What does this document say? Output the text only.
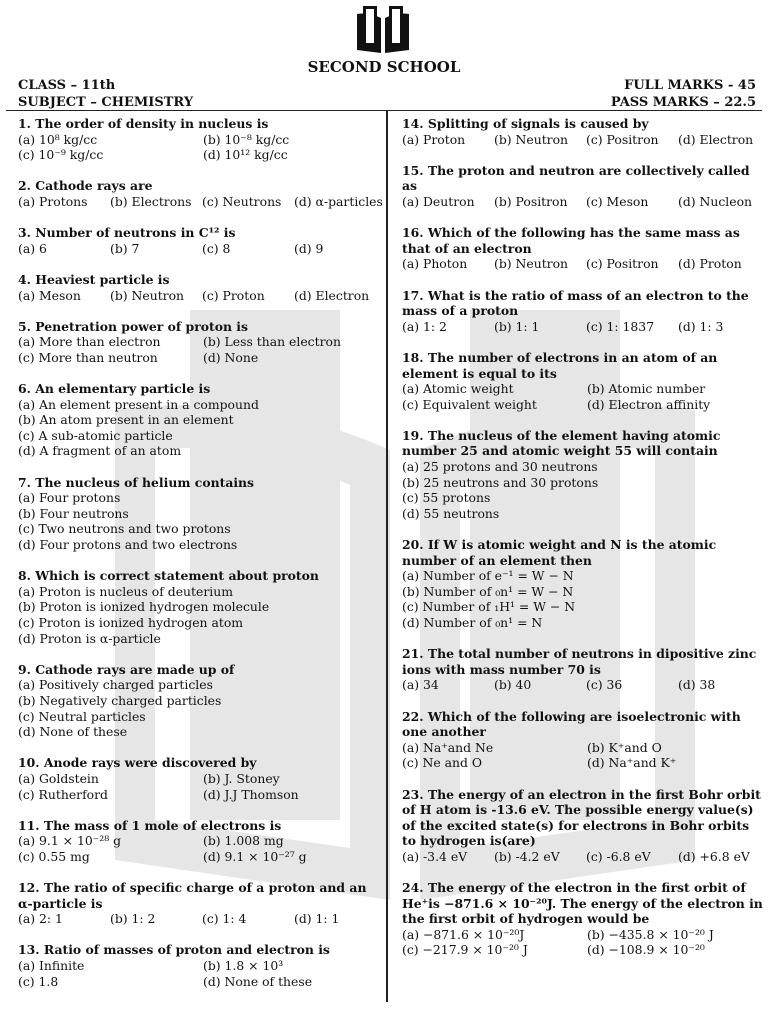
SECOND SCHOOL
CLASS – 11th
SUBJECT – CHEMISTRY
FULL MARKS - 45
PASS MARKS – 22.5
1. The order of density in nucleus is
(a) 10⁸ kg/cc	(b) 10⁻⁸ kg/cc
(c) 10⁻⁹ kg/cc	(d) 10¹² kg/cc
2. Cathode rays are
(a) Protons	(b) Electrons (c) Neutrons	(d) α-particles
3. Number of neutrons in C¹² is
(a) 6	(b) 7	(c) 8	(d) 9
4. Heaviest particle is
(a) Meson	(b) Neutron	(c) Proton	(d) Electron
5. Penetration power of proton is
(a) More than electron	(b) Less than electron
(c) More than neutron	(d) None
6. An elementary particle is
(a) An element present in a compound
(b) An atom present in an element
(c) A sub-atomic particle
(d) A fragment of an atom
7. The nucleus of helium contains
(a) Four protons
(b) Four neutrons
(c) Two neutrons and two protons
(d) Four protons and two electrons
8. Which is correct statement about proton
(a) Proton is nucleus of deuterium
(b) Proton is ionized hydrogen molecule
(c) Proton is ionized hydrogen atom
(d) Proton is α-particle
9. Cathode rays are made up of
(a) Positively charged particles
(b) Negatively charged particles
(c) Neutral particles
(d) None of these
10. Anode rays were discovered by
(a) Goldstein	(b) J. Stoney
(c) Rutherford	(d) J.J Thomson
11. The mass of 1 mole of electrons is
(a) 9.1 × 10⁻²⁸ g	(b) 1.008 mg
(c) 0.55 mg	(d) 9.1 × 10⁻²⁷ g
12. The ratio of specific charge of a proton and an α-particle is
(a) 2: 1	(b) 1: 2	(c) 1: 4	(d) 1: 1
13. Ratio of masses of proton and electron is
(a) Infinite	(b) 1.8 × 10³
(c) 1.8	(d) None of these
14. Splitting of signals is caused by
(a) Proton	(b) Neutron	(c) Positron	(d) Electron
15. The proton and neutron are collectively called as
(a) Deutron	(b) Positron	(c) Meson	(d) Nucleon
16. Which of the following has the same mass as that of an electron
(a) Photon	(b) Neutron	(c) Positron	(d) Proton
17. What is the ratio of mass of an electron to the mass of a proton
(a) 1: 2	(b) 1: 1	(c) 1: 1837	(d) 1: 3
18. The number of electrons in an atom of an element is equal to its
(a) Atomic weight	(b) Atomic number
(c) Equivalent weight	(d) Electron affinity
19. The nucleus of the element having atomic number 25 and atomic weight 55 will contain
(a) 25 protons and 30 neutrons
(b) 25 neutrons and 30 protons
(c) 55 protons
(d) 55 neutrons
20. If W is atomic weight and N is the atomic number of an element then
(a) Number of e⁻¹ = W − N
(b) Number of ₀n¹ = W − N
(c) Number of ₁H¹ = W − N
(d) Number of ₀n¹ = N
21. The total number of neutrons in dipositive zinc ions with mass number 70 is
(a) 34	(b) 40	(c) 36	(d) 38
22. Which of the following are isoelectronic with one another
(a) Na⁺and Ne	(b) K⁺and O
(c) Ne and O	(d) Na⁺and K⁺
23. The energy of an electron in the first Bohr orbit of H atom is -13.6 eV. The possible energy value(s) of the excited state(s) for electrons in Bohr orbits to hydrogen is(are)
(a) -3.4 eV	(b) -4.2 eV	(c) -6.8 eV	(d) +6.8 eV
24. The energy of the electron in the first orbit of He⁺is −871.6 × 10⁻²⁰J. The energy of the electron in the first orbit of hydrogen would be
(a) −871.6 × 10⁻²⁰J	(b) −435.8 × 10⁻²⁰ J
(c) −217.9 × 10⁻²⁰ J	(d) −108.9 × 10⁻²⁰
